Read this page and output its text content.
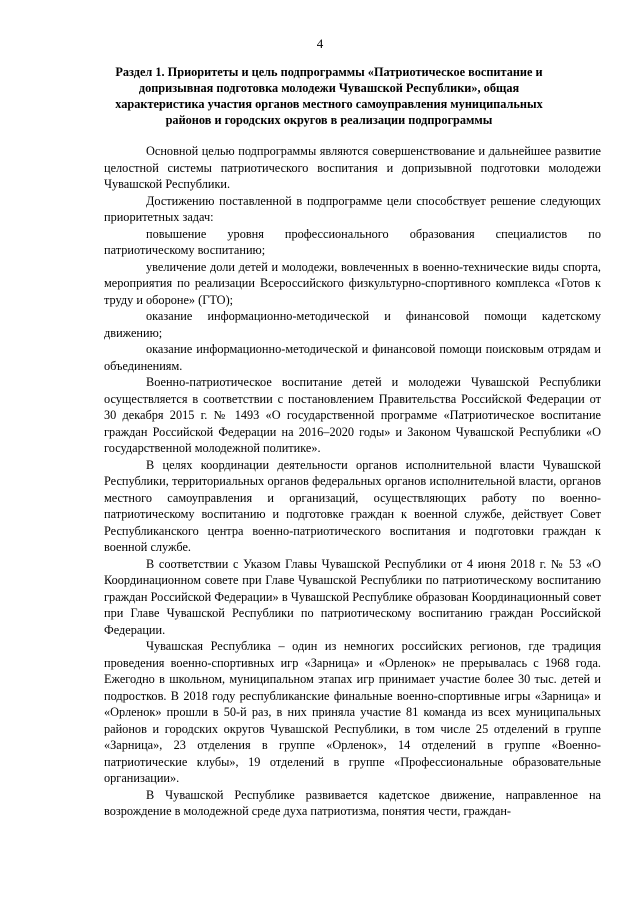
4
Раздел 1. Приоритеты и цель подпрограммы «Патриотическое воспитание и допризывная подготовка молодежи Чувашской Республики», общая характеристика участия органов местного самоуправления муниципальных районов и городских округов в реализации подпрограммы

Основной целью подпрограммы являются совершенствование и дальнейшее развитие целостной системы патриотического воспитания и допризывной подготовки молодежи Чувашской Республики.

Достижению поставленной в подпрограмме цели способствует решение следующих приоритетных задач:

повышение уровня профессионального образования специалистов по патриотическому воспитанию;

увеличение доли детей и молодежи, вовлеченных в военно-технические виды спорта, мероприятия по реализации Всероссийского физкультурно-спортивного комплекса «Готов к труду и обороне» (ГТО);

оказание информационно-методической и финансовой помощи кадетскому движению;

оказание информационно-методической и финансовой помощи поисковым отрядам и объединениям.

Военно-патриотическое воспитание детей и молодежи Чувашской Республики осуществляется в соответствии с постановлением Правительства Российской Федерации от 30 декабря 2015 г. № 1493 «О государственной программе «Патриотическое воспитание граждан Российской Федерации на 2016–2020 годы» и Законом Чувашской Республики «О государственной молодежной политике».

В целях координации деятельности органов исполнительной власти Чувашской Республики, территориальных органов федеральных органов исполнительной власти, органов местного самоуправления и организаций, осуществляющих работу по военно-патриотическому воспитанию и подготовке граждан к военной службе, действует Совет Республиканского центра военно-патриотического воспитания и подготовки граждан к военной службе.

В соответствии с Указом Главы Чувашской Республики от 4 июня 2018 г. № 53 «О Координационном совете при Главе Чувашской Республики по патриотическому воспитанию граждан Российской Федерации» в Чувашской Республике образован Координационный совет при Главе Чувашской Республики по патриотическому воспитанию граждан Российской Федерации.

Чувашская Республика – один из немногих российских регионов, где традиция проведения военно-спортивных игр «Зарница» и «Орленок» не прерывалась с 1968 года. Ежегодно в школьном, муниципальном этапах игр принимает участие более 30 тыс. детей и подростков. В 2018 году республиканские финальные военно-спортивные игры «Зарница» и «Орленок» прошли в 50-й раз, в них приняла участие 81 команда из всех муниципальных районов и городских округов Чувашской Республики, в том числе 25 отделений в группе «Зарница», 23 отделения в группе «Орленок», 14 отделений в группе «Военно-патриотические клубы», 19 отделений в группе «Профессиональные образовательные организации».

В Чувашской Республике развивается кадетское движение, направленное на возрождение в молодежной среде духа патриотизма, понятия чести, граждан-
